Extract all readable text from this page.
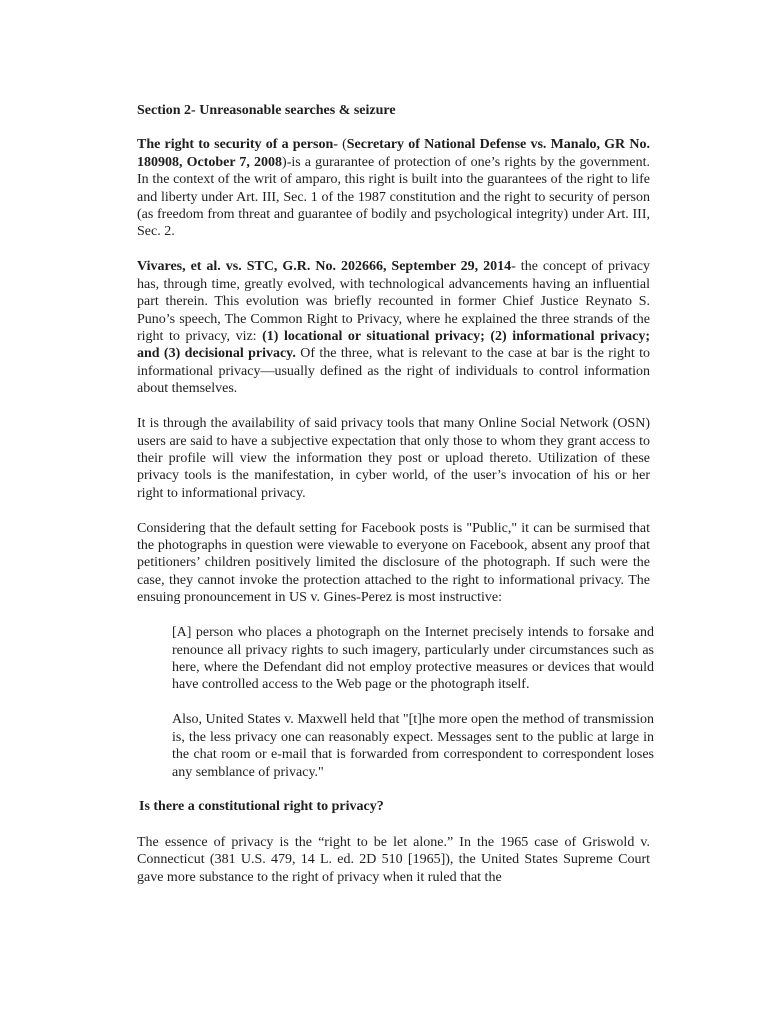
Section 2- Unreasonable searches & seizure

The right to security of a person- (Secretary of National Defense vs. Manalo, GR No. 180908, October 7, 2008)-is a gurarantee of protection of one’s rights by the government. In the context of the writ of amparo, this right is built into the guarantees of the right to life and liberty under Art. III, Sec. 1 of the 1987 constitution and the right to security of person (as freedom from threat and guarantee of bodily and psychological integrity) under Art. III, Sec. 2.

Vivares, et al. vs. STC, G.R. No. 202666, September 29, 2014- the concept of privacy has, through time, greatly evolved, with technological advancements having an influential part therein. This evolution was briefly recounted in former Chief Justice Reynato S. Puno’s speech, The Common Right to Privacy, where he explained the three strands of the right to privacy, viz: (1) locational or situational privacy; (2) informational privacy; and (3) decisional privacy. Of the three, what is relevant to the case at bar is the right to informational privacy—usually defined as the right of individuals to control information about themselves.

It is through the availability of said privacy tools that many Online Social Network (OSN) users are said to have a subjective expectation that only those to whom they grant access to their profile will view the information they post or upload thereto. Utilization of these privacy tools is the manifestation, in cyber world, of the user’s invocation of his or her right to informational privacy.

Considering that the default setting for Facebook posts is "Public," it can be surmised that the photographs in question were viewable to everyone on Facebook, absent any proof that petitioners’ children positively limited the disclosure of the photograph. If such were the case, they cannot invoke the protection attached to the right to informational privacy. The ensuing pronouncement in US v. Gines-Perez is most instructive:

[A] person who places a photograph on the Internet precisely intends to forsake and renounce all privacy rights to such imagery, particularly under circumstances such as here, where the Defendant did not employ protective measures or devices that would have controlled access to the Web page or the photograph itself.

Also, United States v. Maxwell held that "[t]he more open the method of transmission is, the less privacy one can reasonably expect. Messages sent to the public at large in the chat room or e-mail that is forwarded from correspondent to correspondent loses any semblance of privacy."

Is there a constitutional right to privacy?

The essence of privacy is the “right to be let alone.” In the 1965 case of Griswold v. Connecticut (381 U.S. 479, 14 L. ed. 2D 510 [1965]), the United States Supreme Court gave more substance to the right of privacy when it ruled that the
